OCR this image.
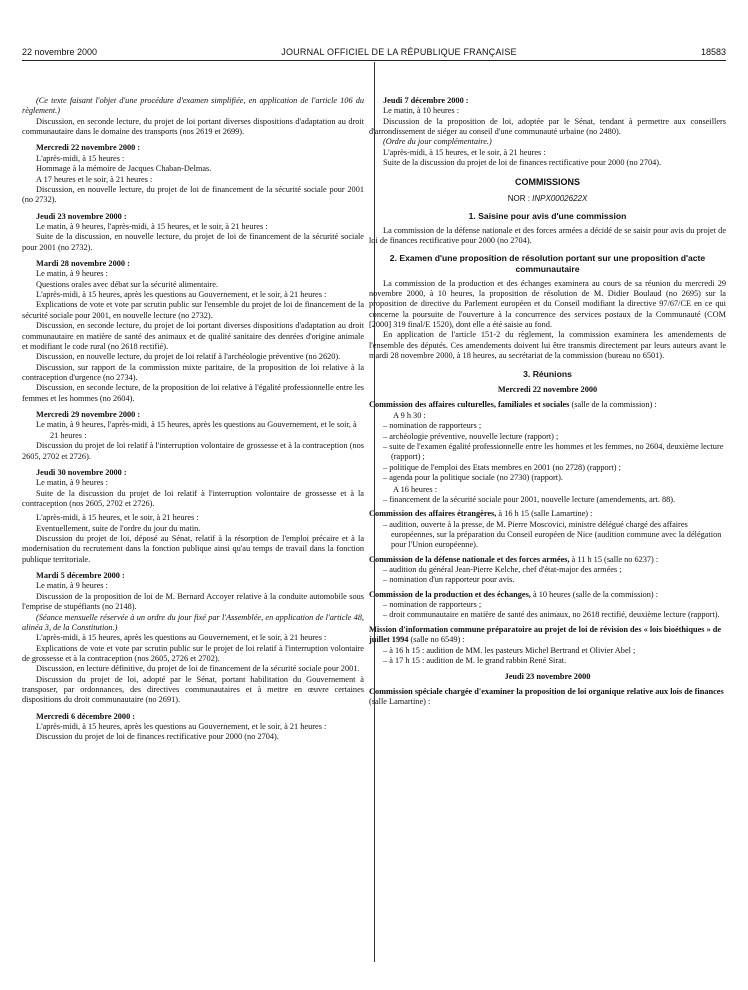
22 novembre 2000	JOURNAL OFFICIEL DE LA RÉPUBLIQUE FRANÇAISE	18583

(Ce texte faisant l'objet d'une procédure d'examen simplifiée, en application de l'article 106 du règlement.)

Discussion, en seconde lecture, du projet de loi portant diverses dispositions d'adaptation au droit communautaire dans le domaine des transports (nos 2619 et 2699).

Mercredi 22 novembre 2000 :

L'après-midi, à 15 heures :

Hommage à la mémoire de Jacques Chaban-Delmas.

A 17 heures et le soir, à 21 heures :

Discussion, en nouvelle lecture, du projet de loi de financement de la sécurité sociale pour 2001 (no 2732).

Jeudi 23 novembre 2000 :

Le matin, à 9 heures, l'après-midi, à 15 heures, et le soir, à 21 heures :

Suite de la discussion, en nouvelle lecture, du projet de loi de financement de la sécurité sociale pour 2001 (no 2732).

Mardi 28 novembre 2000 :

Le matin, à 9 heures :

Questions orales avec débat sur la sécurité alimentaire.

L'après-midi, à 15 heures, après les questions au Gouvernement, et le soir, à 21 heures :

Explications de vote et vote par scrutin public sur l'ensemble du projet de loi de financement de la sécurité sociale pour 2001, en nouvelle lecture (no 2732).

Discussion, en seconde lecture, du projet de loi portant diverses dispositions d'adaptation au droit communautaire en matière de santé des animaux et de qualité sanitaire des denrées d'origine animale et modifiant le code rural (no 2618 rectifié).

Discussion, en nouvelle lecture, du projet de loi relatif à l'archéologie préventive (no 2620).

Discussion, sur rapport de la commission mixte paritaire, de la proposition de loi relative à la contraception d'urgence (no 2734).

Discussion, en seconde lecture, de la proposition de loi relative à l'égalité professionnelle entre les femmes et les hommes (no 2604).

Mercredi 29 novembre 2000 :

Le matin, à 9 heures, l'après-midi, à 15 heures, après les questions au Gouvernement, et le soir, à 21 heures :

Discussion du projet de loi relatif à l'interruption volontaire de grossesse et à la contraception (nos 2605, 2702 et 2726).

Jeudi 30 novembre 2000 :

Le matin, à 9 heures :

Suite de la discussion du projet de loi relatif à l'interruption volontaire de grossesse et à la contraception (nos 2605, 2702 et 2726).

L'après-midi, à 15 heures, et le soir, à 21 heures :

Eventuellement, suite de l'ordre du jour du matin.

Discussion du projet de loi, déposé au Sénat, relatif à la résorption de l'emploi précaire et à la modernisation du recrutement dans la fonction publique ainsi qu'au temps de travail dans la fonction publique territoriale.

Mardi 5 décembre 2000 :

Le matin, à 9 heures :

Discussion de la proposition de loi de M. Bernard Accoyer relative à la conduite automobile sous l'emprise de stupéfiants (no 2148).

(Séance mensuelle réservée à un ordre du jour fixé par l'Assemblée, en application de l'article 48, alinéa 3, de la Constitution.)

L'après-midi, à 15 heures, après les questions au Gouvernement, et le soir, à 21 heures :

Explications de vote et vote par scrutin public sur le projet de loi relatif à l'interruption volontaire de grossesse et à la contraception (nos 2605, 2726 et 2702).

Discussion, en lecture définitive, du projet de loi de financement de la sécurité sociale pour 2001.

Discussion du projet de loi, adopté par le Sénat, portant habilitation du Gouvernement à transposer, par ordonnances, des directives communautaires et à mettre en œuvre certaines dispositions du droit communautaire (no 2691).

Mercredi 6 décembre 2000 :

L'après-midi, à 15 heures, après les questions au Gouvernement, et le soir, à 21 heures :

Discussion du projet de loi de finances rectificative pour 2000 (no 2704).

Jeudi 7 décembre 2000 :

Le matin, à 10 heures :

Discussion de la proposition de loi, adoptée par le Sénat, tendant à permettre aux conseillers d'arrondissement de siéger au conseil d'une communauté urbaine (no 2480).

(Ordre du jour complémentaire.)

L'après-midi, à 15 heures, et le soir, à 21 heures :

Suite de la discussion du projet de loi de finances rectificative pour 2000 (no 2704).

COMMISSIONS

NOR : INPX0002622X

1. Saisine pour avis d'une commission

La commission de la défense nationale et des forces armées a décidé de se saisir pour avis du projet de loi de finances rectificative pour 2000 (no 2704).

2. Examen d'une proposition de résolution portant sur une proposition d'acte communautaire

La commission de la production et des échanges examinera au cours de sa réunion du mercredi 29 novembre 2000, à 10 heures, la proposition de résolution de M. Didier Boulaud (no 2695) sur la proposition de directive du Parlement européen et du Conseil modifiant la directive 97/67/CE en ce qui concerne la poursuite de l'ouverture à la concurrence des services postaux de la Communauté (COM [2000] 319 final/E 1520), dont elle a été saisie au fond.

En application de l'article 151-2 du règlement, la commission examinera les amendements de l'ensemble des députés. Ces amendements doivent lui être transmis directement par leurs auteurs avant le mardi 28 novembre 2000, à 18 heures, au secrétariat de la commission (bureau no 6501).

3. Réunions

Mercredi 22 novembre 2000

Commission des affaires culturelles, familiales et sociales (salle de la commission) :

A 9 h 30 :

– nomination de rapporteurs ;

– archéologie préventive, nouvelle lecture (rapport) ;

– suite de l'examen égalité professionnelle entre les hommes et les femmes, no 2604, deuxième lecture (rapport) ;

– politique de l'emploi des Etats membres en 2001 (no 2728) (rapport) ;

– agenda pour la politique sociale (no 2730) (rapport).

A 16 heures :

– financement de la sécurité sociale pour 2001, nouvelle lecture (amendements, art. 88).

Commission des affaires étrangères, à 16 h 15 (salle Lamartine) :

– audition, ouverte à la presse, de M. Pierre Moscovici, ministre délégué chargé des affaires européennes, sur la préparation du Conseil européen de Nice (audition commune avec la délégation pour l'Union européenne).

Commission de la défense nationale et des forces armées, à 11 h 15 (salle no 6237) :

– audition du général Jean-Pierre Kelche, chef d'état-major des armées ;

– nomination d'un rapporteur pour avis.

Commission de la production et des échanges, à 10 heures (salle de la commission) :

– nomination de rapporteurs ;

– droit communautaire en matière de santé des animaux, no 2618 rectifié, deuxième lecture (rapport).

Mission d'information commune préparatoire au projet de loi de révision des « lois bioéthiques » de juillet 1994 (salle no 6549) :

– à 16 h 15 : audition de MM. les pasteurs Michel Bertrand et Olivier Abel ;

– à 17 h 15 : audition de M. le grand rabbin René Sirat.

Jeudi 23 novembre 2000

Commission spéciale chargée d'examiner la proposition de loi organique relative aux lois de finances (salle Lamartine) :
